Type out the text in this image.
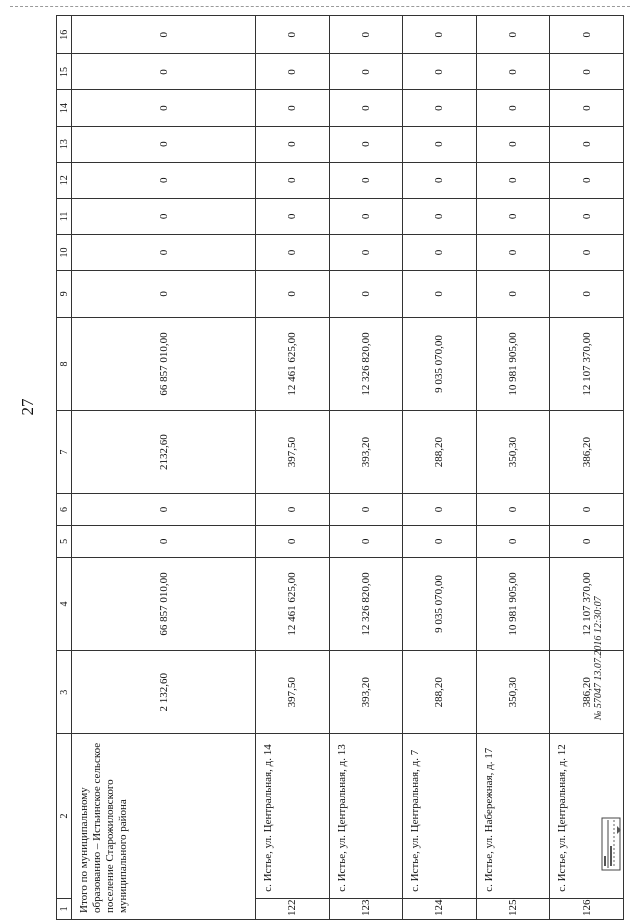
27
1	2	3	4	5	6	7	8	9	10	11	12	13	14	15	16
Итого по муниципальному образованию – Истьинское сельское поселение Старожиловского муниципального района		2 132,60	66 857 010,00	0	0	2132,60	66 857 010,00	0	0	0	0	0	0	0	0
122	с. Истье, ул. Центральная, д. 14	397,50	12 461 625,00	0	0	397,50	12 461 625,00	0	0	0	0	0	0	0	0
123	с. Истье, ул. Центральная, д. 13	393,20	12 326 820,00	0	0	393,20	12 326 820,00	0	0	0	0	0	0	0	0
124	с. Истье, ул. Центральная, д. 7	288,20	9 035 070,00	0	0	288,20	9 035 070,00	0	0	0	0	0	0	0	0
125	с. Истье, ул. Набережная, д. 17	350,30	10 981 905,00	0	0	350,30	10 981 905,00	0	0	0	0	0	0	0	0
126	с. Истье, ул. Центральная, д. 12	386,20	12 107 370,00	0	0	386,20	12 107 370,00	0	0	0	0	0	0	0	0
№ 57047 13.07.2016 12:30:07
